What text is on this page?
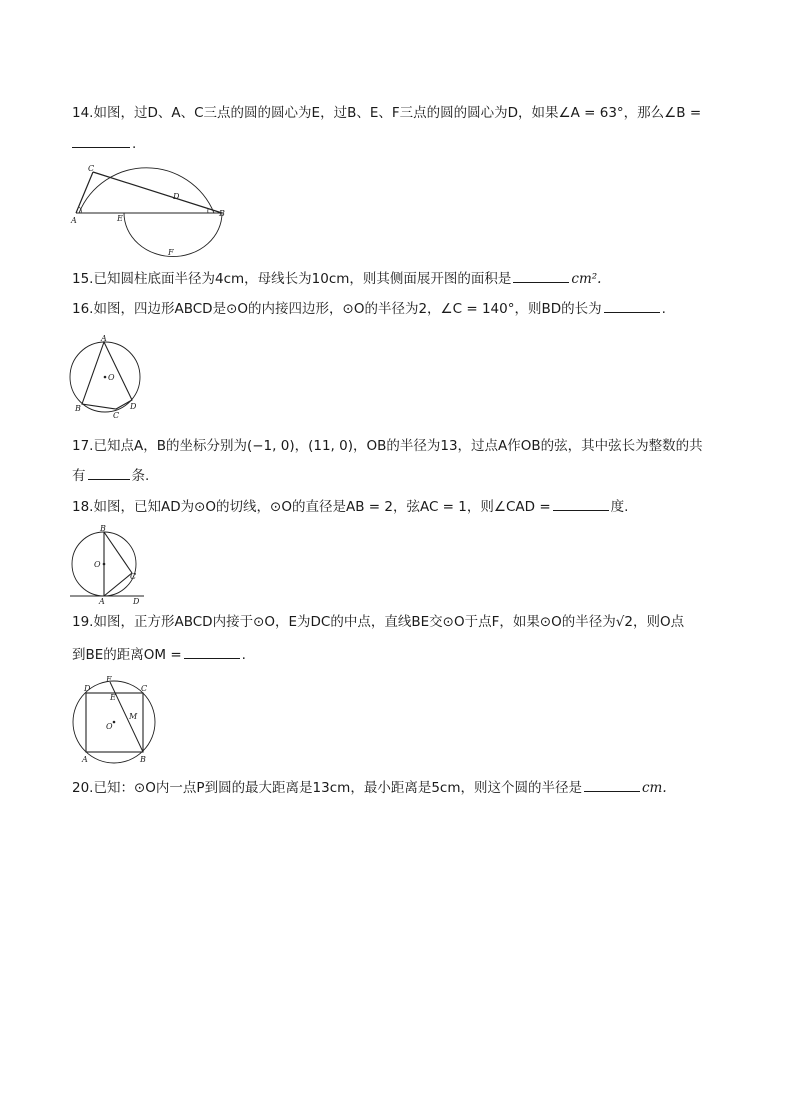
14.如图，过D、A、C三点的圆的圆心为E，过B、E、F三点的圆的圆心为D，如果∠A = 63°，那么∠B =
.
A
B
C
D
E
F
15.已知圆柱底面半径为4cm，母线长为10cm，则其侧面展开图的面积是	cm².
16.如图，四边形ABCD是⊙O的内接四边形，⊙O的半径为2，∠C = 140°，则BD的长为	.
A
O
B
C
D
17.已知点A，B的坐标分别为(−1, 0)，(11, 0)，OB的半径为13，过点A作OB的弦，其中弦长为整数的共
有	条.
18.如图，已知AD为⊙O的切线，⊙O的直径是AB = 2，弦AC = 1，则∠CAD =	度.
B
O
C
A	D
19.如图，正方形ABCD内接于⊙O，E为DC的中点，直线BE交⊙O于点F，如果⊙O的半径为√2，则O点
到BE的距离OM =	.
D
F
C
E
M
O
A	B
20.已知：⊙O内一点P到圆的最大距离是13cm，最小距离是5cm，则这个圆的半径是	cm.
